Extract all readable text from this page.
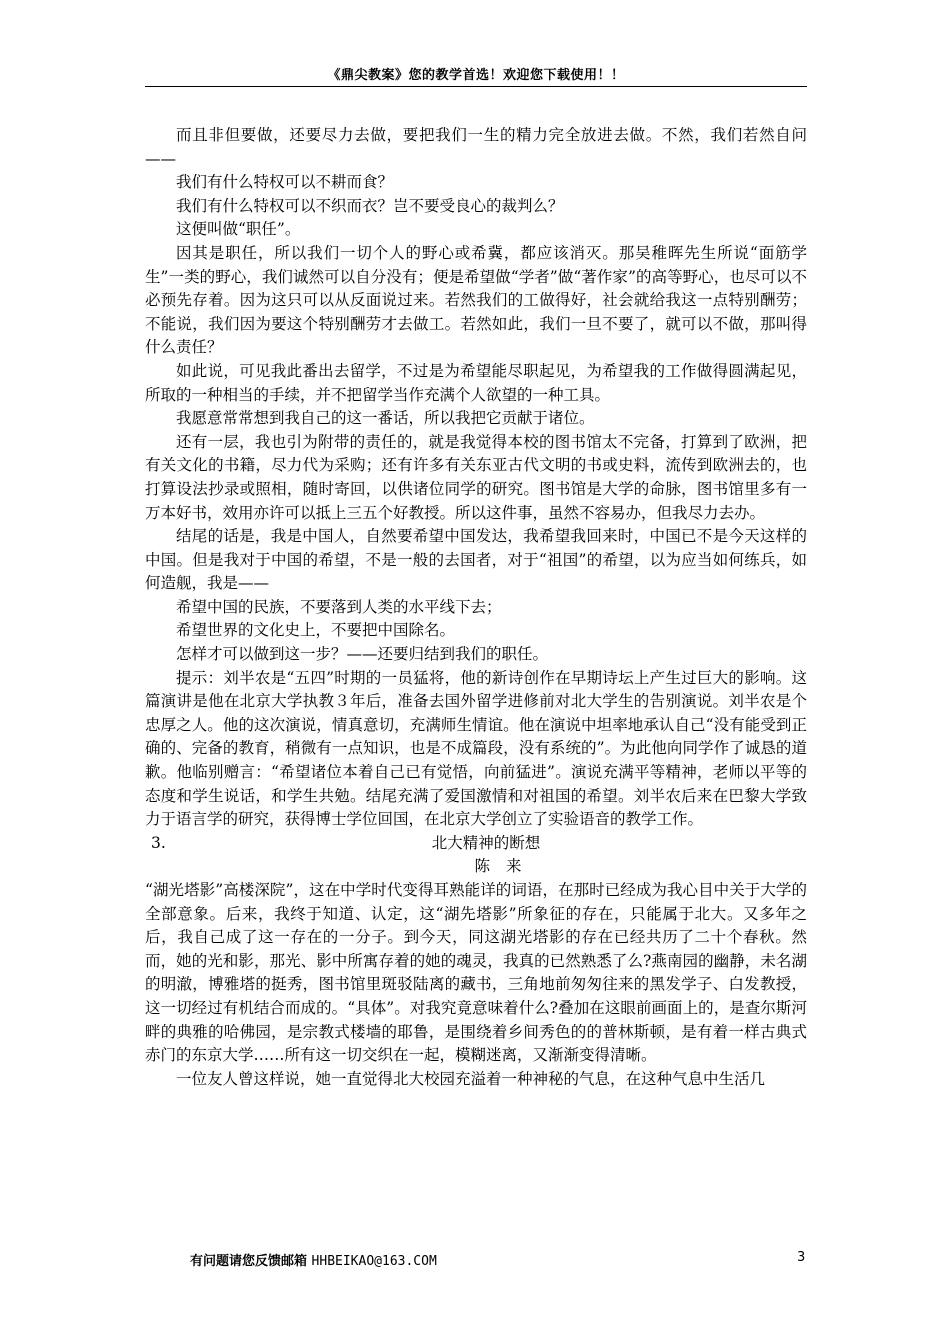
《鼎尖教案》您的教学首选！欢迎您下载使用！！

而且非但要做，还要尽力去做，要把我们一生的精力完全放进去做。不然，我们若然自问——

我们有什么特权可以不耕而食？

我们有什么特权可以不织而衣？岂不要受良心的裁判么？

这便叫做“职任”。

因其是职任，所以我们一切个人的野心或希冀，都应该消灭。那吴稚晖先生所说“面筋学生”一类的野心，我们诚然可以自分没有；便是希望做“学者”做“著作家”的高等野心，也尽可以不必预先存着。因为这只可以从反面说过来。若然我们的工做得好，社会就给我这一点特别酬劳；不能说，我们因为要这个特别酬劳才去做工。若然如此，我们一旦不要了，就可以不做，那叫得什么责任？

如此说，可见我此番出去留学，不过是为希望能尽职起见，为希望我的工作做得圆满起见，所取的一种相当的手续，并不把留学当作充满个人欲望的一种工具。

我愿意常常想到我自己的这一番话，所以我把它贡献于诸位。

还有一层，我也引为附带的责任的，就是我觉得本校的图书馆太不完备，打算到了欧洲，把有关文化的书籍，尽力代为采购；还有许多有关东亚古代文明的书或史料，流传到欧洲去的，也打算设法抄录或照相，随时寄回，以供诸位同学的研究。图书馆是大学的命脉，图书馆里多有一万本好书，效用亦许可以抵上三五个好教授。所以这件事，虽然不容易办，但我尽力去办。

结尾的话是，我是中国人，自然要希望中国发达，我希望我回来时，中国已不是今天这样的中国。但是我对于中国的希望，不是一般的去国者，对于“祖国”的希望，以为应当如何练兵，如何造舰，我是——

希望中国的民族，不要落到人类的水平线下去；

希望世界的文化史上，不要把中国除名。

怎样才可以做到这一步？——还要归结到我们的职任。

提示：刘半农是“五四”时期的一员猛将，他的新诗创作在早期诗坛上产生过巨大的影响。这篇演讲是他在北京大学执教３年后，准备去国外留学进修前对北大学生的告别演说。刘半农是个忠厚之人。他的这次演说，情真意切，充满师生情谊。他在演说中坦率地承认自己“没有能受到正确的、完备的教育，稍微有一点知识，也是不成篇段，没有系统的”。为此他向同学作了诚恳的道歉。他临别赠言：“希望诸位本着自己已有觉悟，向前猛进”。演说充满平等精神，老师以平等的态度和学生说话，和学生共勉。结尾充满了爱国激情和对祖国的希望。刘半农后来在巴黎大学致力于语言学的研究，获得博士学位回国，在北京大学创立了实验语音的教学工作。

3.	北大精神的断想
陈来

“湖光塔影”高楼深院”，这在中学时代变得耳熟能详的词语，在那时已经成为我心目中关于大学的全部意象。后来，我终于知道、认定，这“湖先塔影”所象征的存在，只能属于北大。又多年之后，我自己成了这一存在的一分子。到今天，同这湖光塔影的存在已经共历了二十个春秋。然而，她的光和影，那光、影中所寓存着的她的魂灵，我真的已然熟悉了么?燕南园的幽静，未名湖的明澈，博雅塔的挺秀，图书馆里斑驳陆离的藏书，三角地前匆匆往来的黑发学子、白发教授，这一切经过有机结合而成的。“具体”。对我究竟意味着什么?叠加在这眼前画面上的，是查尔斯河畔的典雅的哈佛园，是宗教式楼墙的耶鲁，是围绕着乡间秀色的的普林斯顿，是有着一样古典式赤门的东京大学……所有这一切交织在一起，模糊迷离，又渐渐变得清晰。

一位友人曾这样说，她一直觉得北大校园充溢着一种神秘的气息，在这种气息中生活几

有问题请您反馈邮箱 HHBEIKAO@163.COM	3
